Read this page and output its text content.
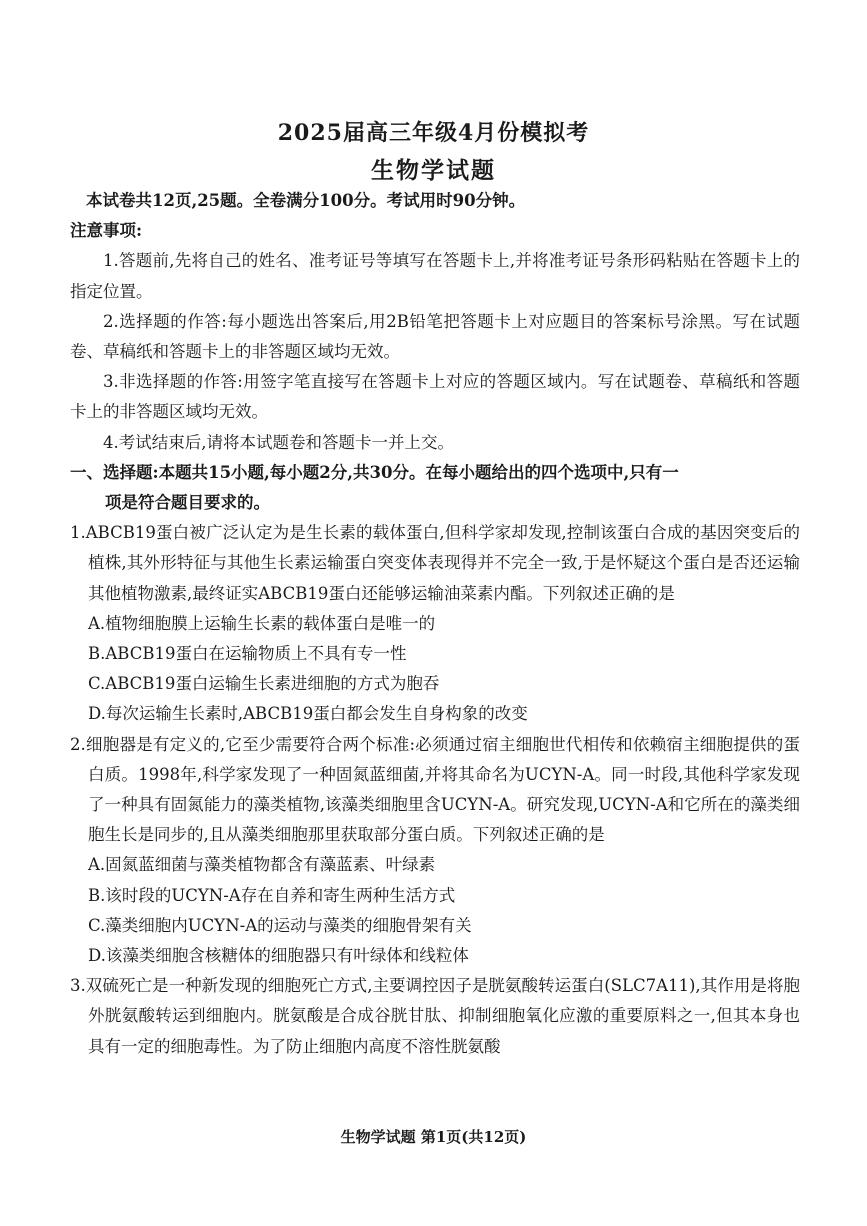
2025届高三年级4月份模拟考
生物学试题

本试卷共12页,25题。全卷满分100分。考试用时90分钟。

注意事项:

1.答题前,先将自己的姓名、准考证号等填写在答题卡上,并将准考证号条形码粘贴在答题卡上的指定位置。

2.选择题的作答:每小题选出答案后,用2B铅笔把答题卡上对应题目的答案标号涂黑。写在试题卷、草稿纸和答题卡上的非答题区域均无效。

3.非选择题的作答:用签字笔直接写在答题卡上对应的答题区域内。写在试题卷、草稿纸和答题卡上的非答题区域均无效。

4.考试结束后,请将本试题卷和答题卡一并上交。

一、选择题:本题共15小题,每小题2分,共30分。在每小题给出的四个选项中,只有一
项是符合题目要求的。

1.ABCB19蛋白被广泛认定为是生长素的载体蛋白,但科学家却发现,控制该蛋白合成的基因突变后的植株,其外形特征与其他生长素运输蛋白突变体表现得并不完全一致,于是怀疑这个蛋白是否还运输其他植物激素,最终证实ABCB19蛋白还能够运输油菜素内酯。下列叙述正确的是

A.植物细胞膜上运输生长素的载体蛋白是唯一的

B.ABCB19蛋白在运输物质上不具有专一性

C.ABCB19蛋白运输生长素进细胞的方式为胞吞

D.每次运输生长素时,ABCB19蛋白都会发生自身构象的改变

2.细胞器是有定义的,它至少需要符合两个标准:必须通过宿主细胞世代相传和依赖宿主细胞提供的蛋白质。1998年,科学家发现了一种固氮蓝细菌,并将其命名为UCYN-A。同一时段,其他科学家发现了一种具有固氮能力的藻类植物,该藻类细胞里含UCYN-A。研究发现,UCYN-A和它所在的藻类细胞生长是同步的,且从藻类细胞那里获取部分蛋白质。下列叙述正确的是

A.固氮蓝细菌与藻类植物都含有藻蓝素、叶绿素

B.该时段的UCYN-A存在自养和寄生两种生活方式

C.藻类细胞内UCYN-A的运动与藻类的细胞骨架有关

D.该藻类细胞含核糖体的细胞器只有叶绿体和线粒体

3.双硫死亡是一种新发现的细胞死亡方式,主要调控因子是胱氨酸转运蛋白(SLC7A11),其作用是将胞外胱氨酸转运到细胞内。胱氨酸是合成谷胱甘肽、抑制细胞氧化应激的重要原料之一,但其本身也具有一定的细胞毒性。为了防止细胞内高度不溶性胱氨酸

生物学试题 第1页(共12页)
